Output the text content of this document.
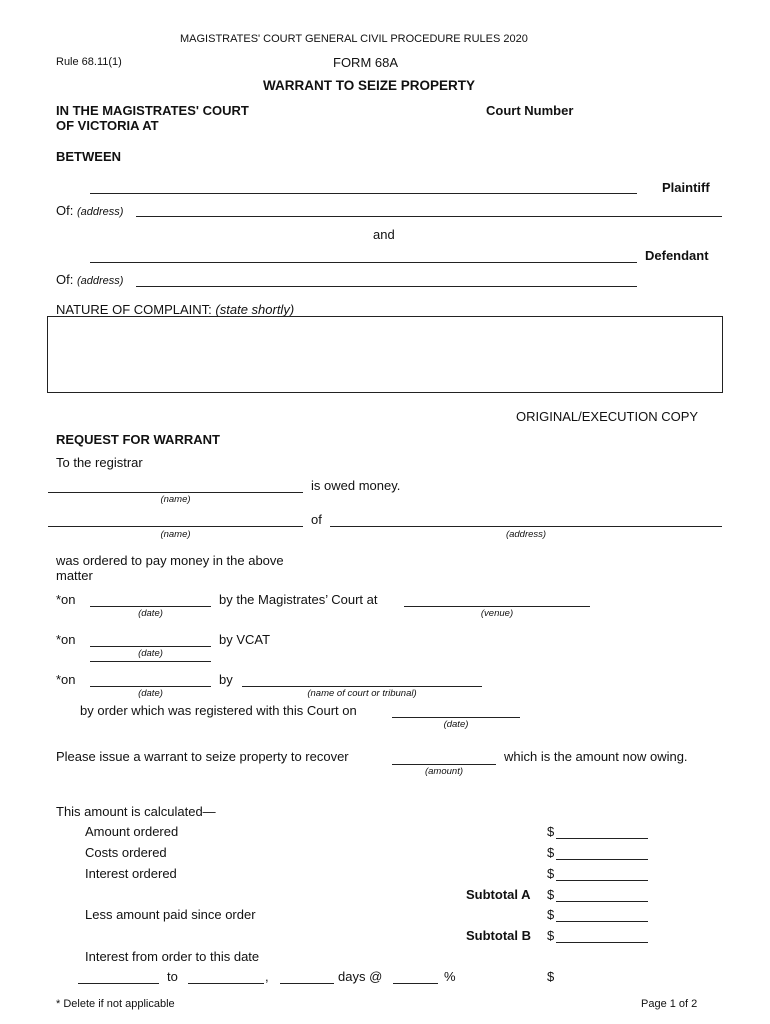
MAGISTRATES' COURT GENERAL CIVIL PROCEDURE RULES 2020
Rule 68.11(1)	FORM 68A
WARRANT TO SEIZE PROPERTY
IN THE MAGISTRATES' COURT
OF VICTORIA AT
Court Number
BETWEEN
Plaintiff
Of: (address)
and
Defendant
Of: (address)
NATURE OF COMPLAINT: (state shortly)
ORIGINAL/EXECUTION COPY
REQUEST FOR WARRANT
To the registrar
is owed money.
(name)
of
(name)	(address)
was ordered to pay money in the above
matter
*on	by the Magistrates’ Court at
(date)	(venue)
*on	by VCAT
(date)
*on	by
(date)	(name of court or tribunal)
by order which was registered with this Court on
(date)
Please issue a warrant to seize property to recover	which is the amount now owing.
(amount)
This amount is calculated—
Amount ordered	$
Costs ordered	$
Interest ordered	$
Subtotal A $
Less amount paid since order	$
Subtotal B $
Interest from order to this date
to	,	days @	%	$
* Delete if not applicable	Page 1 of 2
